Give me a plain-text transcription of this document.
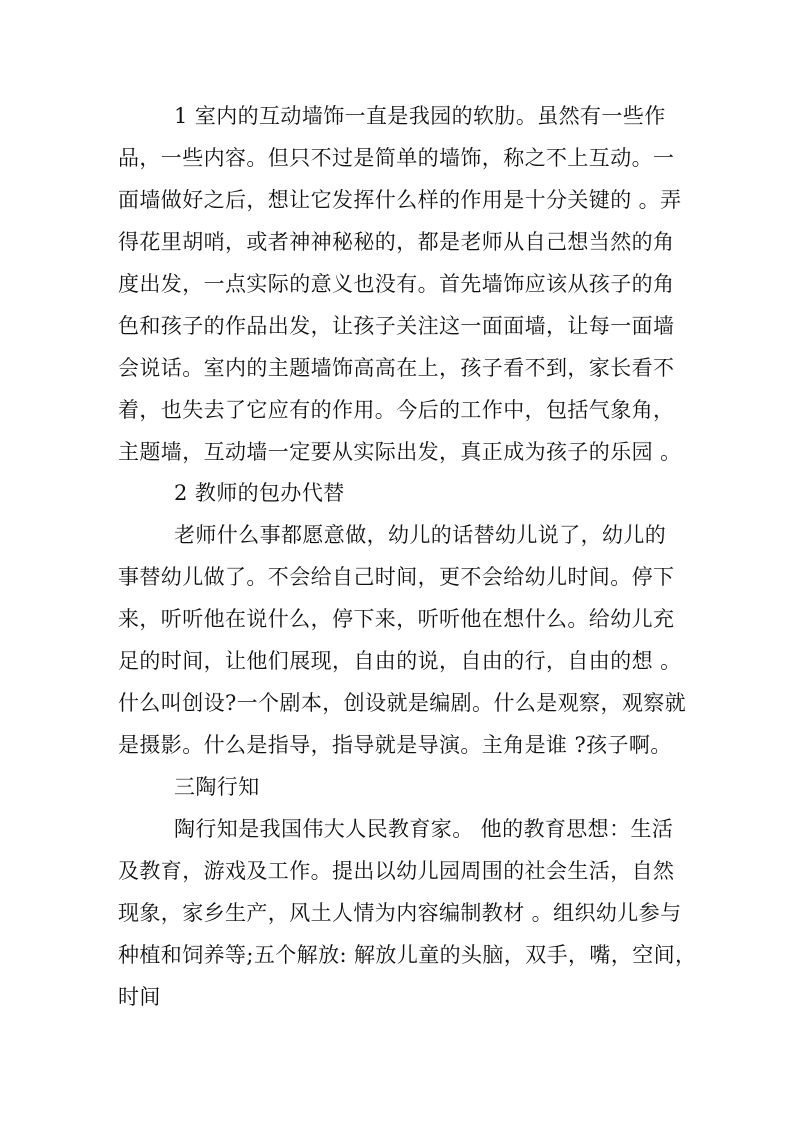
1 室内的互动墙饰一直是我园的软肋。虽然有一些作
品，一些内容。但只不过是简单的墙饰，称之不上互动。一
面墙做好之后，想让它发挥什么样的作用是十分关键的 。弄
得花里胡哨，或者神神秘秘的，都是老师从自己想当然的角
度出发，一点实际的意义也没有。首先墙饰应该从孩子的角
色和孩子的作品出发，让孩子关注这一面面墙，让每一面墙
会说话。室内的主题墙饰高高在上，孩子看不到，家长看不
着，也失去了它应有的作用。今后的工作中，包括气象角，
主题墙，互动墙一定要从实际出发，真正成为孩子的乐园 。
2 教师的包办代替
老师什么事都愿意做，幼儿的话替幼儿说了，幼儿的
事替幼儿做了。不会给自己时间，更不会给幼儿时间。停下
来，听听他在说什么，停下来，听听他在想什么。给幼儿充
足的时间，让他们展现，自由的说，自由的行，自由的想 。
什么叫创设?一个剧本，创设就是编剧。什么是观察，观察就
是摄影。什么是指导，指导就是导演。主角是谁 ?孩子啊。
三陶行知
陶行知是我国伟大人民教育家。 他的教育思想：生活
及教育，游戏及工作。提出以幼儿园周围的社会生活，自然
现象，家乡生产，风土人情为内容编制教材 。组织幼儿参与
种植和饲养等;五个解放: 解放儿童的头脑，双手，嘴，空间，
时间
